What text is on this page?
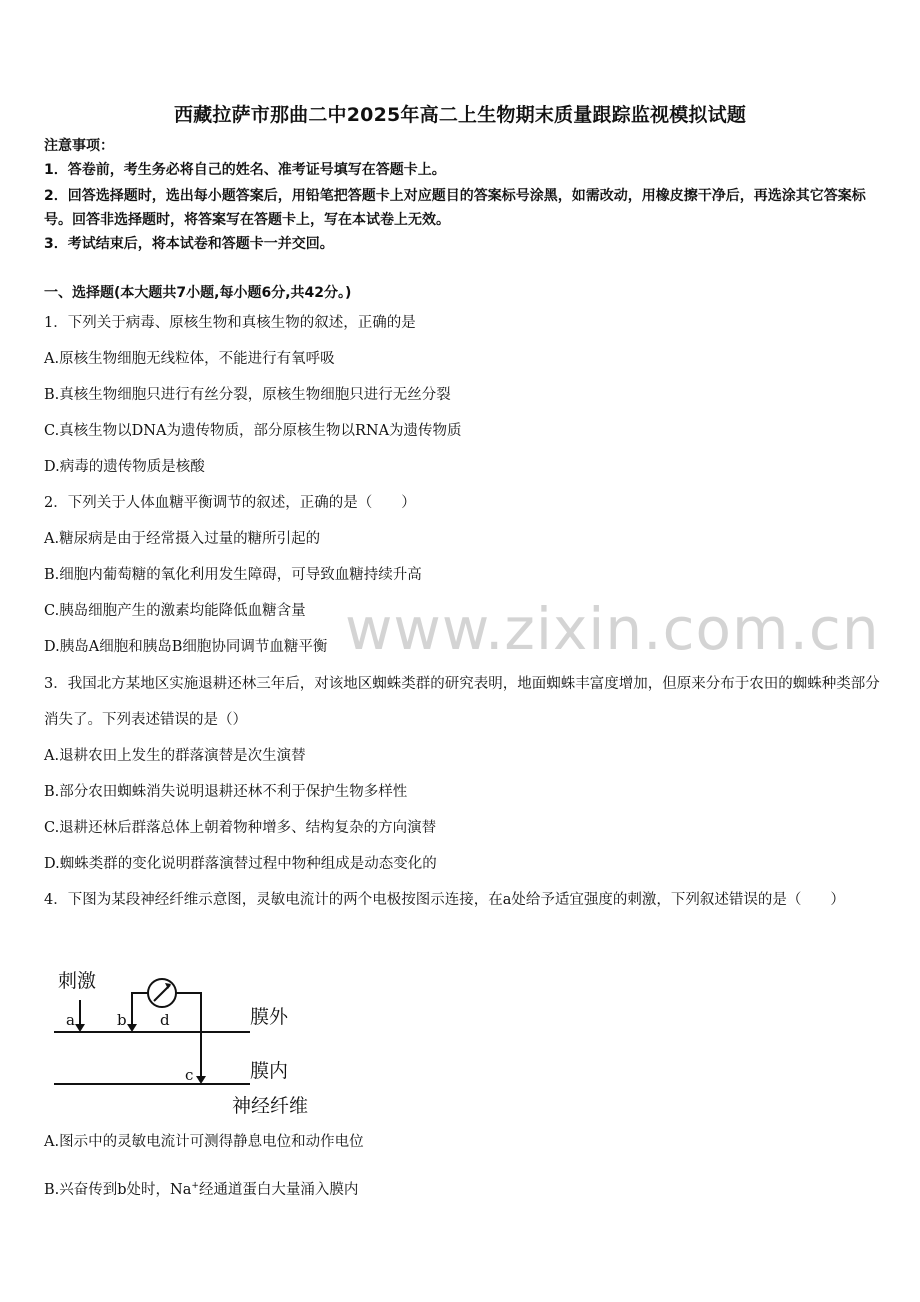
西藏拉萨市那曲二中2025年高二上生物期末质量跟踪监视模拟试题
注意事项：
1．答卷前，考生务必将自己的姓名、准考证号填写在答题卡上。
2．回答选择题时，选出每小题答案后，用铅笔把答题卡上对应题目的答案标号涂黑，如需改动，用橡皮擦干净后，再选涂其它答案标号。回答非选择题时，将答案写在答题卡上，写在本试卷上无效。
3．考试结束后，将本试卷和答题卡一并交回。
一、选择题(本大题共7小题,每小题6分,共42分。)
1．下列关于病毒、原核生物和真核生物的叙述，正确的是
A.原核生物细胞无线粒体，不能进行有氧呼吸
B.真核生物细胞只进行有丝分裂，原核生物细胞只进行无丝分裂
C.真核生物以DNA为遗传物质，部分原核生物以RNA为遗传物质
D.病毒的遗传物质是核酸
2．下列关于人体血糖平衡调节的叙述，正确的是（　　）
A.糖尿病是由于经常摄入过量的糖所引起的
B.细胞内葡萄糖的氧化利用发生障碍，可导致血糖持续升高
C.胰岛细胞产生的激素均能降低血糖含量
D.胰岛A细胞和胰岛B细胞协同调节血糖平衡 www.zixin.com.cn
3．我国北方某地区实施退耕还林三年后，对该地区蜘蛛类群的研究表明，地面蜘蛛丰富度增加，但原来分布于农田的蜘蛛种类部分消失了。下列表述错误的是（）
A.退耕农田上发生的群落演替是次生演替
B.部分农田蜘蛛消失说明退耕还林不利于保护生物多样性
C.退耕还林后群落总体上朝着物种增多、结构复杂的方向演替
D.蜘蛛类群的变化说明群落演替过程中物种组成是动态变化的
4．下图为某段神经纤维示意图，灵敏电流计的两个电极按图示连接，在a处给予适宜强度的刺激，下列叙述错误的是（　　）
刺激
a	b d
c
膜外
膜内
神经纤维
A.图示中的灵敏电流计可测得静息电位和动作电位
B.兴奋传到b处时，Na+经通道蛋白大量涌入膜内
